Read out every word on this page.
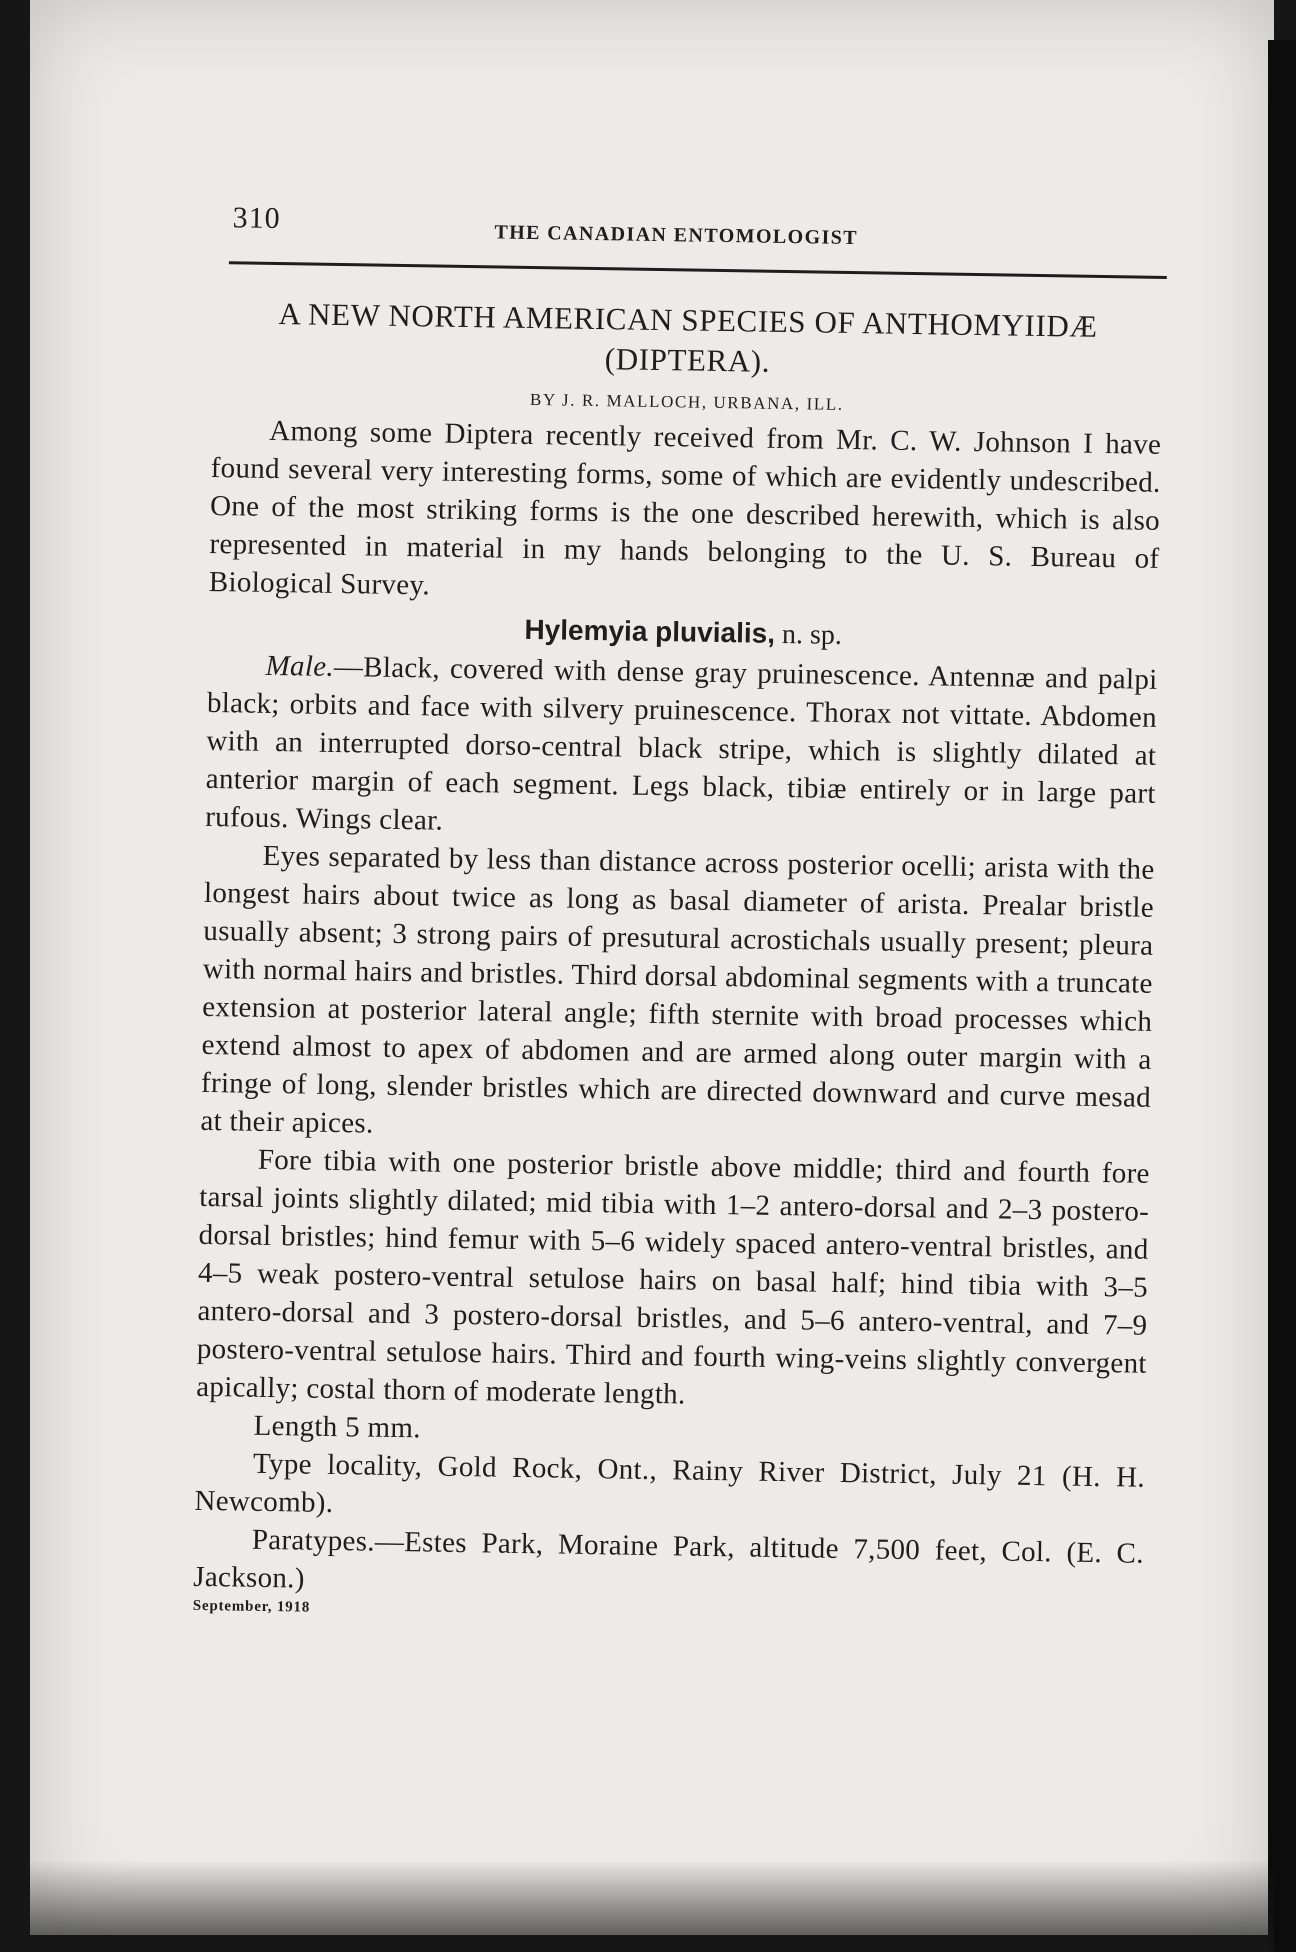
310
THE CANADIAN ENTOMOLOGIST
A NEW NORTH AMERICAN SPECIES OF ANTHOMYIIDÆ
(DIPTERA).
BY J. R. MALLOCH, URBANA, ILL.

Among some Diptera recently received from Mr. C. W. Johnson I have found several very interesting forms, some of which are evidently undescribed. One of the most striking forms is the one described herewith, which is also represented in material in my hands belonging to the U. S. Bureau of Biological Survey.

Hylemyia pluvialis, n. sp.

Male.—Black, covered with dense gray pruinescence. Antennæ and palpi black; orbits and face with silvery pruinescence. Thorax not vittate. Abdomen with an interrupted dorso-central black stripe, which is slightly dilated at anterior margin of each segment. Legs black, tibiæ entirely or in large part rufous. Wings clear.

Eyes separated by less than distance across posterior ocelli; arista with the longest hairs about twice as long as basal diameter of arista. Prealar bristle usually absent; 3 strong pairs of presutural acrostichals usually present; pleura with normal hairs and bristles. Third dorsal abdominal segments with a truncate extension at posterior lateral angle; fifth sternite with broad processes which extend almost to apex of abdomen and are armed along outer margin with a fringe of long, slender bristles which are directed downward and curve mesad at their apices.

Fore tibia with one posterior bristle above middle; third and fourth fore tarsal joints slightly dilated; mid tibia with 1–2 antero-dorsal and 2–3 postero-dorsal bristles; hind femur with 5–6 widely spaced antero-ventral bristles, and 4–5 weak postero-ventral setulose hairs on basal half; hind tibia with 3–5 antero-dorsal and 3 postero-dorsal bristles, and 5–6 antero-ventral, and 7–9 postero-ventral setulose hairs. Third and fourth wing-veins slightly convergent apically; costal thorn of moderate length.

Length 5 mm.

Type locality, Gold Rock, Ont., Rainy River District, July 21 (H. H. Newcomb).

Paratypes.—Estes Park, Moraine Park, altitude 7,500 feet, Col. (E. C. Jackson.)

September, 1918
